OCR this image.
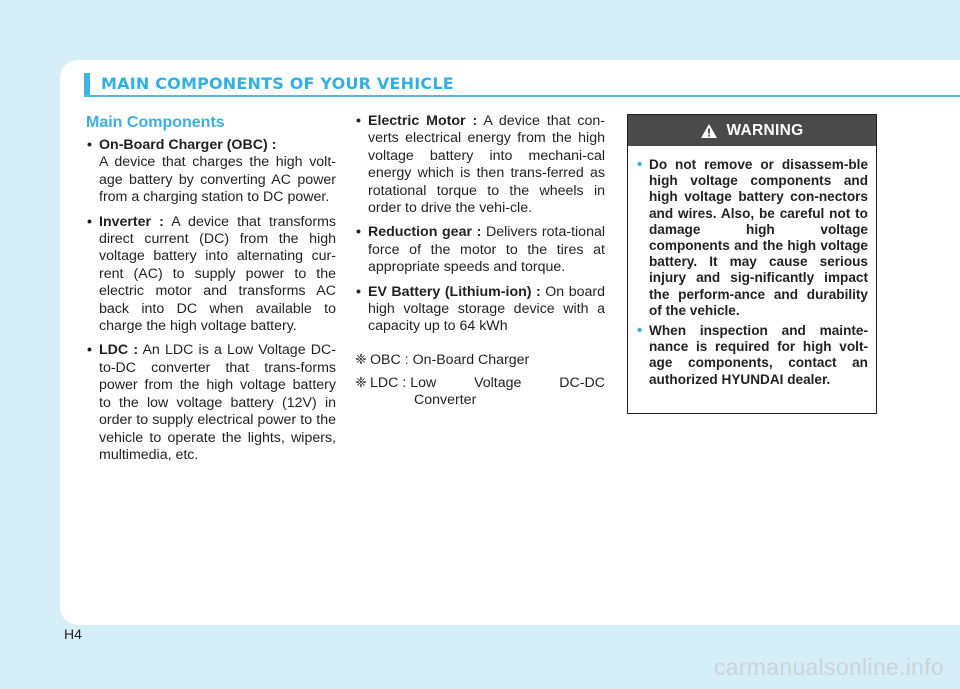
MAIN COMPONENTS OF YOUR VEHICLE
Main Components
• On-Board Charger (OBC) :
A device that charges the high volt-age battery by converting AC power from a charging station to DC power.
• Inverter : A device that transforms direct current (DC) from the high voltage battery into alternating cur-rent (AC) to supply power to the electric motor and transforms AC back into DC when available to charge the high voltage battery.
• LDC : An LDC is a Low Voltage DC-to-DC converter that trans-forms power from the high voltage battery to the low voltage battery (12V) in order to supply electrical power to the vehicle to operate the lights, wipers, multimedia, etc.
• Electric Motor : A device that con-verts electrical energy from the high voltage battery into mechani-cal energy which is then trans-ferred as rotational torque to the wheels in order to drive the vehi-cle.
• Reduction gear : Delivers rota-tional force of the motor to the tires at appropriate speeds and torque.
• EV Battery (Lithium-ion) : On board high voltage storage device with a capacity up to 64 kWh
❈ OBC : On-Board Charger
❈ LDC : Low	Voltage	DC-DC
Converter
WARNING
• Do not remove or disassem-ble high voltage components and high voltage battery con-nectors and wires. Also, be careful not to damage high voltage components and the high voltage battery. It may cause serious injury and sig-nificantly impact the perform-ance and durability of the vehicle.
• When inspection and mainte-nance is required for high volt-age components, contact an authorized HYUNDAI dealer.
H4
carmanualsonline.info
